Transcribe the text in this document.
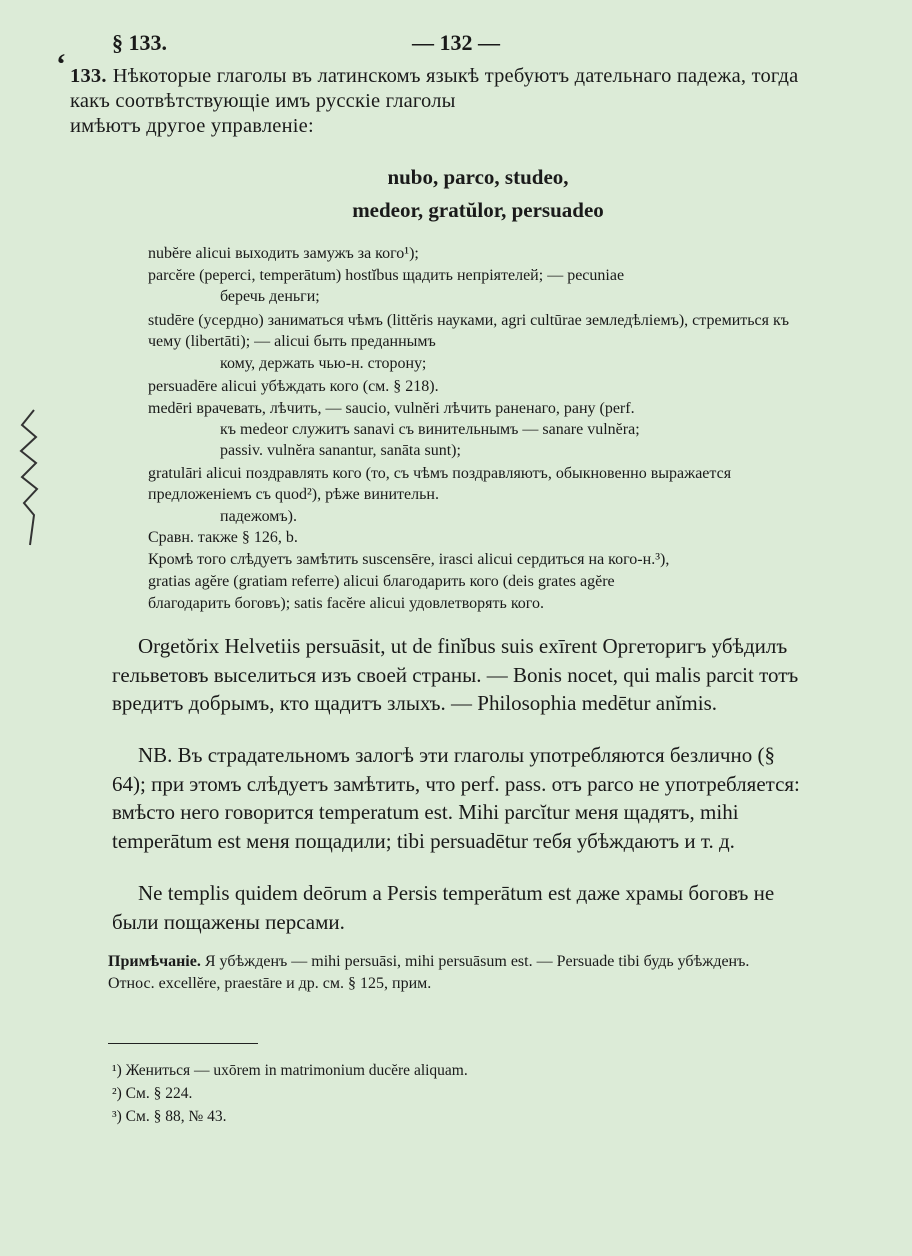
§ 133.	— 132 —
ʻ 133. Нѣкоторые глаголы въ латинскомъ языкѣ требуютъ дательнаго падежа, тогда какъ соотвѣтствующіе имъ русскіе глаголы
имѣютъ другое управленіе:
nubo, parco, studeo,
medeor, gratŭlor, persuadeo
nubĕre alicui выходить замужъ за кого¹);
parcĕre (peperci, temperātum) hostĭbus щадить непріятелей; — pecuniae
беречь деньги;
studēre (усердно) заниматься чѣмъ (littĕris науками, agri cultūrae земледѣліемъ), стремиться къ чему (libertāti); — alicui быть преданнымъ
кому, держать чью-н. сторону;
persuadēre alicui убѣждать кого (см. § 218).
medēri врачевать, лѣчить, — saucio, vulnĕri лѣчить раненаго, рану (perf.
къ medeor служитъ sanavi съ винительнымъ — sanare vulnĕra;
passiv. vulnĕra sanantur, sanāta sunt);
gratulāri alicui поздравлять кого (то, съ чѣмъ поздравляютъ, обыкновенно выражается предложеніемъ съ quod²), рѣже винительн.
падежомъ).
Сравн. также § 126, b.
Кромѣ того слѣдуетъ замѣтить suscensēre, irasci alicui сердиться на кого-н.³),
gratias agĕre (gratiam referre) alicui благодарить кого (deis grates agĕre
благодарить боговъ); satis facĕre alicui удовлетворять кого.

Orgetŏrix Helvetiis persuāsit, ut de finĭbus suis exīrent Оргеторигъ убѣдилъ гельветовъ выселиться изъ своей страны. — Bonis nocet, qui malis parcit тотъ вредитъ добрымъ, кто щадитъ злыхъ. — Philosophia medētur anĭmis.

NB. Въ страдательномъ залогѣ эти глаголы употребляются безлично (§ 64); при этомъ слѣдуетъ замѣтить, что perf. pass. отъ parco не употребляется: вмѣсто него говорится temperatum est. Mihi parcĭtur меня щадятъ, mihi temperātum est меня пощадили; tibi persuadētur тебя убѣждаютъ и т. д.

Ne templis quidem deōrum a Persis temperātum est даже храмы боговъ не были пощажены персами.

Примѣчаніе. Я убѣжденъ — mihi persuāsi, mihi persuāsum est. — Persuade tibi будь убѣжденъ.
Относ. excellĕre, praestāre и др. см. § 125, прим.
¹) Жениться — uxōrem in matrimonium ducĕre aliquam.
²) См. § 224.
³) См. § 88, № 43.
